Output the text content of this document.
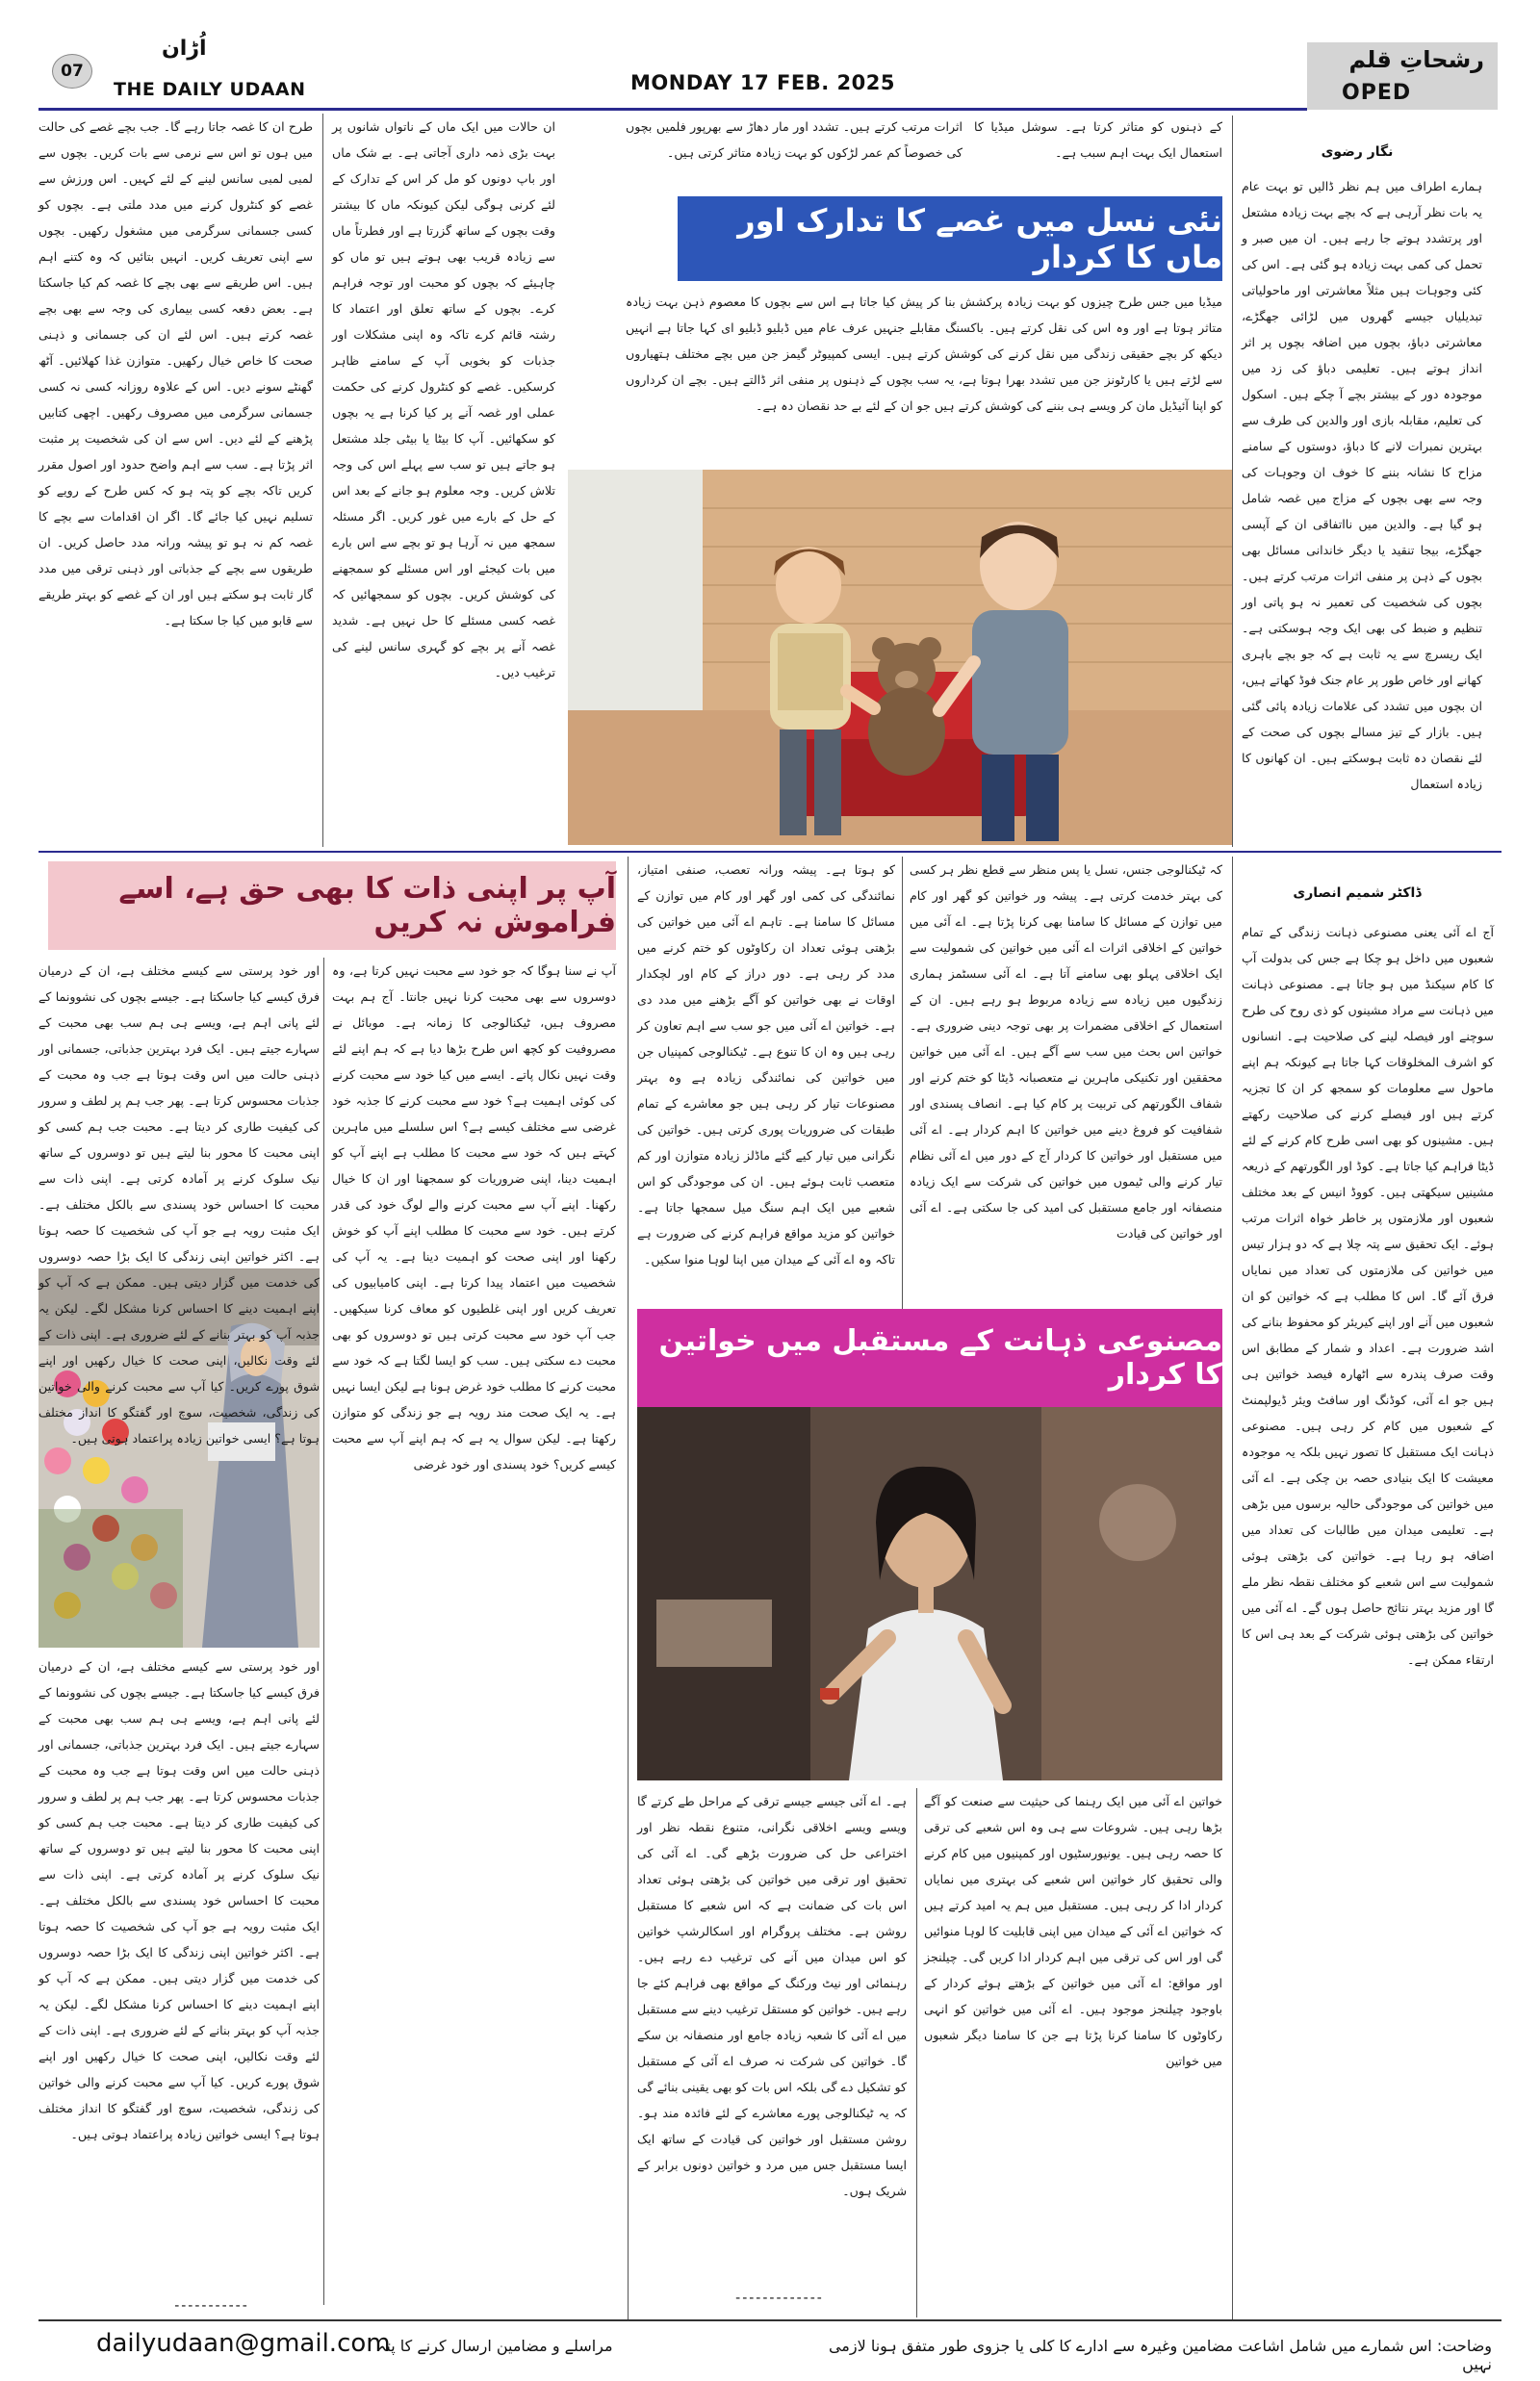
07
اُڑان
THE DAILY UDAAN	MONDAY 17 FEB. 2025
رشحاتِ قلم
OPED
نگار رضوی
ہمارے اطراف میں ہم نظر ڈالیں تو بہت عام یہ بات نظر آرہی ہے کہ بچے بہت زیادہ مشتعل اور پرتشدد ہوتے جا رہے ہیں۔ ان میں صبر و تحمل کی کمی بہت زیادہ ہو گئی ہے۔ اس کی کئی وجوہات ہیں مثلاً معاشرتی اور ماحولیاتی تبدیلیاں جیسے گھروں میں لڑائی جھگڑے، معاشرتی دباؤ، بچوں میں اضافہ بچوں پر اثر انداز ہوتے ہیں۔ تعلیمی دباؤ کی زد میں موجودہ دور کے بیشتر بچے آ چکے ہیں۔ اسکول کی تعلیم، مقابلہ بازی اور والدین کی طرف سے بہترین نمبرات لانے کا دباؤ، دوستوں کے سامنے مزاح کا نشانہ بننے کا خوف ان وجوہات کی وجہ سے بھی بچوں کے مزاج میں غصہ شامل ہو گیا ہے۔ والدین میں نااتفاقی ان کے آپسی جھگڑے، بیجا تنقید یا دیگر خاندانی مسائل بھی بچوں کے ذہن پر منفی اثرات مرتب کرتے ہیں۔ بچوں کی شخصیت کی تعمیر نہ ہو پاتی اور تنظیم و ضبط کی بھی ایک وجہ ہوسکتی ہے۔ ایک ریسرچ سے یہ ثابت ہے کہ جو بچے باہری کھانے اور خاص طور پر عام جنک فوڈ کھاتے ہیں، ان بچوں میں تشدد کی علامات زیادہ پائی گئی ہیں۔ بازار کے تیز مسالے بچوں کی صحت کے لئے نقصان دہ ثابت ہوسکتے ہیں۔ ان کھانوں کا زیادہ استعمال
کے ذہنوں کو متاثر کرتا ہے۔ سوشل میڈیا کا استعمال ایک بہت اہم سبب ہے۔
اثرات مرتب کرتے ہیں۔ تشدد اور مار دھاڑ سے بھرپور فلمیں بچوں کی خصوصاً کم عمر لڑکوں کو بہت زیادہ متاثر کرتی ہیں۔
نئی نسل میں غصے کا تدارک اور ماں کا کردار
میڈیا میں جس طرح چیزوں کو بہت زیادہ پرکشش بنا کر پیش کیا جاتا ہے اس سے بچوں کا معصوم ذہن بہت زیادہ متاثر ہوتا ہے اور وہ اس کی نقل کرتے ہیں۔ باکسنگ مقابلے جنہیں عرف عام میں ڈبلیو ڈبلیو ای کہا جاتا ہے انہیں دیکھ کر بچے حقیقی زندگی میں نقل کرنے کی کوشش کرتے ہیں۔ ایسی کمپیوٹر گیمز جن میں بچے مختلف ہتھیاروں سے لڑتے ہیں یا کارٹونز جن میں تشدد بھرا ہوتا ہے، یہ سب بچوں کے ذہنوں پر منفی اثر ڈالتے ہیں۔ بچے ان کرداروں کو اپنا آئیڈیل مان کر ویسے ہی بننے کی کوشش کرتے ہیں جو ان کے لئے بے حد نقصان دہ ہے۔
ان حالات میں ایک ماں کے ناتواں شانوں پر بہت بڑی ذمہ داری آجاتی ہے۔ بے شک ماں اور باپ دونوں کو مل کر اس کے تدارک کے لئے کرنی ہوگی لیکن کیونکہ ماں کا بیشتر وقت بچوں کے ساتھ گزرتا ہے اور فطرتاً ماں سے زیادہ قریب بھی ہوتے ہیں تو ماں کو چاہیئے کہ بچوں کو محبت اور توجہ فراہم کرے۔ بچوں کے ساتھ تعلق اور اعتماد کا رشتہ قائم کرے تاکہ وہ اپنی مشکلات اور جذبات کو بخوبی آپ کے سامنے ظاہر کرسکیں۔ غصے کو کنٹرول کرنے کی حکمت عملی اور غصہ آنے پر کیا کرنا ہے یہ بچوں کو سکھائیں۔ آپ کا بیٹا یا بیٹی جلد مشتعل ہو جاتے ہیں تو سب سے پہلے اس کی وجہ تلاش کریں۔ وجہ معلوم ہو جانے کے بعد اس کے حل کے بارے میں غور کریں۔ اگر مسئلہ سمجھ میں نہ آرہا ہو تو بچے سے اس بارے میں بات کیجئے اور اس مسئلے کو سمجھنے کی کوشش کریں۔ بچوں کو سمجھائیں کہ غصہ کسی مسئلے کا حل نہیں ہے۔ شدید غصہ آنے پر بچے کو گہری سانس لینے کی ترغیب دیں۔
طرح ان کا غصہ جاتا رہے گا۔ جب بچے غصے کی حالت میں ہوں تو اس سے نرمی سے بات کریں۔ بچوں سے لمبی لمبی سانس لینے کے لئے کہیں۔ اس ورزش سے غصے کو کنٹرول کرنے میں مدد ملتی ہے۔ بچوں کو کسی جسمانی سرگرمی میں مشغول رکھیں۔ بچوں سے اپنی تعریف کریں۔ انہیں بتائیں کہ وہ کتنے اہم ہیں۔ اس طریقے سے بھی بچے کا غصہ کم کیا جاسکتا ہے۔ بعض دفعہ کسی بیماری کی وجہ سے بھی بچے غصہ کرتے ہیں۔ اس لئے ان کی جسمانی و ذہنی صحت کا خاص خیال رکھیں۔ متوازن غذا کھلائیں۔ آٹھ گھنٹے سونے دیں۔ اس کے علاوہ روزانہ کسی نہ کسی جسمانی سرگرمی میں مصروف رکھیں۔ اچھی کتابیں پڑھنے کے لئے دیں۔ اس سے ان کی شخصیت پر مثبت اثر پڑتا ہے۔ سب سے اہم واضح حدود اور اصول مقرر کریں تاکہ بچے کو پتہ ہو کہ کس طرح کے رویے کو تسلیم نہیں کیا جائے گا۔ اگر ان اقدامات سے بچے کا غصہ کم نہ ہو تو پیشہ ورانہ مدد حاصل کریں۔ ان طریقوں سے بچے کے جذباتی اور ذہنی ترقی میں مدد گار ثابت ہو سکتے ہیں اور ان کے غصے کو بہتر طریقے سے قابو میں کیا جا سکتا ہے۔
ڈاکٹر شمیم انصاری
آج اے آئی یعنی مصنوعی ذہانت زندگی کے تمام شعبوں میں داخل ہو چکا ہے جس کی بدولت آپ کا کام سیکنڈ میں ہو جاتا ہے۔ مصنوعی ذہانت میں ذہانت سے مراد مشینوں کو ذی روح کی طرح سوچنے اور فیصلہ لینے کی صلاحیت ہے۔ انسانوں کو اشرف المخلوقات کہا جاتا ہے کیونکہ ہم اپنے ماحول سے معلومات کو سمجھ کر ان کا تجزیہ کرتے ہیں اور فیصلے کرنے کی صلاحیت رکھتے ہیں۔ مشینوں کو بھی اسی طرح کام کرنے کے لئے ڈیٹا فراہم کیا جاتا ہے۔ کوڈ اور الگورتھم کے ذریعہ مشینیں سیکھتی ہیں۔ کووڈ انیس کے بعد مختلف شعبوں اور ملازمتوں پر خاطر خواہ اثرات مرتب ہوئے۔ ایک تحقیق سے پتہ چلا ہے کہ دو ہزار تیس میں خواتین کی ملازمتوں کی تعداد میں نمایاں فرق آئے گا۔ اس کا مطلب ہے کہ خواتین کو ان شعبوں میں آنے اور اپنے کیریئر کو محفوظ بنانے کی اشد ضرورت ہے۔ اعداد و شمار کے مطابق اس وقت صرف پندرہ سے اٹھارہ فیصد خواتین ہی ہیں جو اے آئی، کوڈنگ اور سافٹ ویئر ڈیولپمنٹ کے شعبوں میں کام کر رہی ہیں۔ مصنوعی ذہانت ایک مستقبل کا تصور نہیں بلکہ یہ موجودہ معیشت کا ایک بنیادی حصہ بن چکی ہے۔ اے آئی میں خواتین کی موجودگی حالیہ برسوں میں بڑھی ہے۔ تعلیمی میدان میں طالبات کی تعداد میں اضافہ ہو رہا ہے۔ خواتین کی بڑھتی ہوئی شمولیت سے اس شعبے کو مختلف نقطہ نظر ملے گا اور مزید بہتر نتائج حاصل ہوں گے۔ اے آئی میں خواتین کی بڑھتی ہوئی شرکت کے بعد ہی اس کا ارتقاء ممکن ہے۔
کہ ٹیکنالوجی جنس، نسل یا پس منظر سے قطع نظر ہر کسی کی بہتر خدمت کرتی ہے۔ پیشہ ور خواتین کو گھر اور کام میں توازن کے مسائل کا سامنا بھی کرنا پڑتا ہے۔ اے آئی میں خواتین کے اخلاقی اثرات اے آئی میں خواتین کی شمولیت سے ایک اخلاقی پہلو بھی سامنے آتا ہے۔ اے آئی سسٹمز ہماری زندگیوں میں زیادہ سے زیادہ مربوط ہو رہے ہیں۔ ان کے استعمال کے اخلاقی مضمرات پر بھی توجہ دینی ضروری ہے۔ خواتین اس بحث میں سب سے آگے ہیں۔ اے آئی میں خواتین محققین اور تکنیکی ماہرین نے متعصبانہ ڈیٹا کو ختم کرنے اور شفاف الگورتھم کی تربیت پر کام کیا ہے۔ انصاف پسندی اور شفافیت کو فروغ دینے میں خواتین کا اہم کردار ہے۔ اے آئی میں مستقبل اور خواتین کا کردار آج کے دور میں اے آئی نظام تیار کرنے والی ٹیموں میں خواتین کی شرکت سے ایک زیادہ منصفانہ اور جامع مستقبل کی امید کی جا سکتی ہے۔ اے آئی اور خواتین کی قیادت
کو ہوتا ہے۔ پیشہ ورانہ تعصب، صنفی امتیاز، نمائندگی کی کمی اور گھر اور کام میں توازن کے مسائل کا سامنا ہے۔ تاہم اے آئی میں خواتین کی بڑھتی ہوئی تعداد ان رکاوٹوں کو ختم کرنے میں مدد کر رہی ہے۔ دور دراز کے کام اور لچکدار اوقات نے بھی خواتین کو آگے بڑھنے میں مدد دی ہے۔ خواتین اے آئی میں جو سب سے اہم تعاون کر رہی ہیں وہ ان کا تنوع ہے۔ ٹیکنالوجی کمپنیاں جن میں خواتین کی نمائندگی زیادہ ہے وہ بہتر مصنوعات تیار کر رہی ہیں جو معاشرے کے تمام طبقات کی ضروریات پوری کرتی ہیں۔ خواتین کی نگرانی میں تیار کیے گئے ماڈلز زیادہ متوازن اور کم متعصب ثابت ہوئے ہیں۔ ان کی موجودگی کو اس شعبے میں ایک اہم سنگ میل سمجھا جاتا ہے۔ خواتین کو مزید مواقع فراہم کرنے کی ضرورت ہے تاکہ وہ اے آئی کے میدان میں اپنا لوہا منوا سکیں۔
مصنوعی ذہانت کے مستقبل میں خواتین کا کردار
خواتین اے آئی میں ایک رہنما کی حیثیت سے صنعت کو آگے بڑھا رہی ہیں۔ شروعات سے ہی وہ اس شعبے کی ترقی کا حصہ رہی ہیں۔ یونیورسٹیوں اور کمپنیوں میں کام کرنے والی تحقیق کار خواتین اس شعبے کی بہتری میں نمایاں کردار ادا کر رہی ہیں۔ مستقبل میں ہم یہ امید کرتے ہیں کہ خواتین اے آئی کے میدان میں اپنی قابلیت کا لوہا منوائیں گی اور اس کی ترقی میں اہم کردار ادا کریں گی۔ چیلنجز اور مواقع: اے آئی میں خواتین کے بڑھتے ہوئے کردار کے باوجود چیلنجز موجود ہیں۔ اے آئی میں خواتین کو انہی رکاوٹوں کا سامنا کرنا پڑتا ہے جن کا سامنا دیگر شعبوں میں خواتین
ہے۔ اے آئی جیسے جیسے ترقی کے مراحل طے کرتے گا ویسے ویسے اخلاقی نگرانی، متنوع نقطہ نظر اور اختراعی حل کی ضرورت بڑھے گی۔ اے آئی کی تحقیق اور ترقی میں خواتین کی بڑھتی ہوئی تعداد اس بات کی ضمانت ہے کہ اس شعبے کا مستقبل روشن ہے۔ مختلف پروگرام اور اسکالرشپ خواتین کو اس میدان میں آنے کی ترغیب دے رہے ہیں۔ رہنمائی اور نیٹ ورکنگ کے مواقع بھی فراہم کئے جا رہے ہیں۔ خواتین کو مستقل ترغیب دینے سے مستقبل میں اے آئی کا شعبہ زیادہ جامع اور منصفانہ بن سکے گا۔ خواتین کی شرکت نہ صرف اے آئی کے مستقبل کو تشکیل دے گی بلکہ اس بات کو بھی یقینی بنائے گی کہ یہ ٹیکنالوجی پورے معاشرے کے لئے فائدہ مند ہو۔ روشن مستقبل اور خواتین کی قیادت کے ساتھ ایک ایسا مستقبل جس میں مرد و خواتین دونوں برابر کے شریک ہوں۔
-------------
آپ پر اپنی ذات کا بھی حق ہے، اسے فراموش نہ کریں
آپ نے سنا ہوگا کہ جو خود سے محبت نہیں کرتا ہے، وہ دوسروں سے بھی محبت کرنا نہیں جانتا۔ آج ہم بہت مصروف ہیں، ٹیکنالوجی کا زمانہ ہے۔ موبائل نے مصروفیت کو کچھ اس طرح بڑھا دیا ہے کہ ہم اپنے لئے وقت نہیں نکال پاتے۔ ایسے میں کیا خود سے محبت کرنے کی کوئی اہمیت ہے؟ خود سے محبت کرنے کا جذبہ خود غرضی سے مختلف کیسے ہے؟ اس سلسلے میں ماہرین کہتے ہیں کہ خود سے محبت کا مطلب ہے اپنے آپ کو اہمیت دینا، اپنی ضروریات کو سمجھنا اور ان کا خیال رکھنا۔ اپنے آپ سے محبت کرنے والے لوگ خود کی قدر کرتے ہیں۔ خود سے محبت کا مطلب اپنے آپ کو خوش رکھنا اور اپنی صحت کو اہمیت دینا ہے۔ یہ آپ کی شخصیت میں اعتماد پیدا کرتا ہے۔ اپنی کامیابیوں کی تعریف کریں اور اپنی غلطیوں کو معاف کرنا سیکھیں۔ جب آپ خود سے محبت کرتی ہیں تو دوسروں کو بھی محبت دے سکتی ہیں۔ سب کو ایسا لگتا ہے کہ خود سے محبت کرنے کا مطلب خود غرض ہونا ہے لیکن ایسا نہیں ہے۔ یہ ایک صحت مند رویہ ہے جو زندگی کو متوازن رکھتا ہے۔ لیکن سوال یہ ہے کہ ہم اپنے آپ سے محبت کیسے کریں؟ خود پسندی اور خود غرضی
اور خود پرستی سے کیسے مختلف ہے، ان کے درمیان فرق کیسے کیا جاسکتا ہے۔ جیسے بچوں کی نشوونما کے لئے پانی اہم ہے، ویسے ہی ہم سب بھی محبت کے سہارے جیتے ہیں۔ ایک فرد بہترین جذباتی، جسمانی اور ذہنی حالت میں اس وقت ہوتا ہے جب وہ محبت کے جذبات محسوس کرتا ہے۔ پھر جب ہم پر لطف و سرور کی کیفیت طاری کر دیتا ہے۔ محبت جب ہم کسی کو اپنی محبت کا محور بنا لیتے ہیں تو دوسروں کے ساتھ نیک سلوک کرنے پر آمادہ کرتی ہے۔ اپنی ذات سے محبت کا احساس خود پسندی سے بالکل مختلف ہے۔ ایک مثبت رویہ ہے جو آپ کی شخصیت کا حصہ ہوتا ہے۔ اکثر خواتین اپنی زندگی کا ایک بڑا حصہ دوسروں کی خدمت میں گزار دیتی ہیں۔ ممکن ہے کہ آپ کو اپنے اہمیت دینے کا احساس کرنا مشکل لگے۔ لیکن یہ جذبہ آپ کو بہتر بنانے کے لئے ضروری ہے۔ اپنی ذات کے لئے وقت نکالیں، اپنی صحت کا خیال رکھیں اور اپنے شوق پورے کریں۔ کیا آپ سے محبت کرنے والی خواتین کی زندگی، شخصیت، سوچ اور گفتگو کا انداز مختلف ہوتا ہے؟ ایسی خواتین زیادہ پراعتماد ہوتی ہیں۔
اور خود پرستی سے کیسے مختلف ہے، ان کے درمیان فرق کیسے کیا جاسکتا ہے۔ جیسے بچوں کی نشوونما کے لئے پانی اہم ہے، ویسے ہی ہم سب بھی محبت کے سہارے جیتے ہیں۔ ایک فرد بہترین جذباتی، جسمانی اور ذہنی حالت میں اس وقت ہوتا ہے جب وہ محبت کے جذبات محسوس کرتا ہے۔ پھر جب ہم پر لطف و سرور کی کیفیت طاری کر دیتا ہے۔ محبت جب ہم کسی کو اپنی محبت کا محور بنا لیتے ہیں تو دوسروں کے ساتھ نیک سلوک کرنے پر آمادہ کرتی ہے۔ اپنی ذات سے محبت کا احساس خود پسندی سے بالکل مختلف ہے۔ ایک مثبت رویہ ہے جو آپ کی شخصیت کا حصہ ہوتا ہے۔ اکثر خواتین اپنی زندگی کا ایک بڑا حصہ دوسروں کی خدمت میں گزار دیتی ہیں۔ ممکن ہے کہ آپ کو اپنے اہمیت دینے کا احساس کرنا مشکل لگے۔ لیکن یہ جذبہ آپ کو بہتر بنانے کے لئے ضروری ہے۔ اپنی ذات کے لئے وقت نکالیں، اپنی صحت کا خیال رکھیں اور اپنے شوق پورے کریں۔ کیا آپ سے محبت کرنے والی خواتین کی زندگی، شخصیت، سوچ اور گفتگو کا انداز مختلف ہوتا ہے؟ ایسی خواتین زیادہ پراعتماد ہوتی ہیں۔
-----------
dailyudaan@gmail.com
مراسلے و مضامین ارسال کرنے کا پتہ	وضاحت: اس شمارے میں شامل اشاعت مضامین وغیرہ سے ادارے کا کلی یا جزوی طور متفق ہونا لازمی نہیں
